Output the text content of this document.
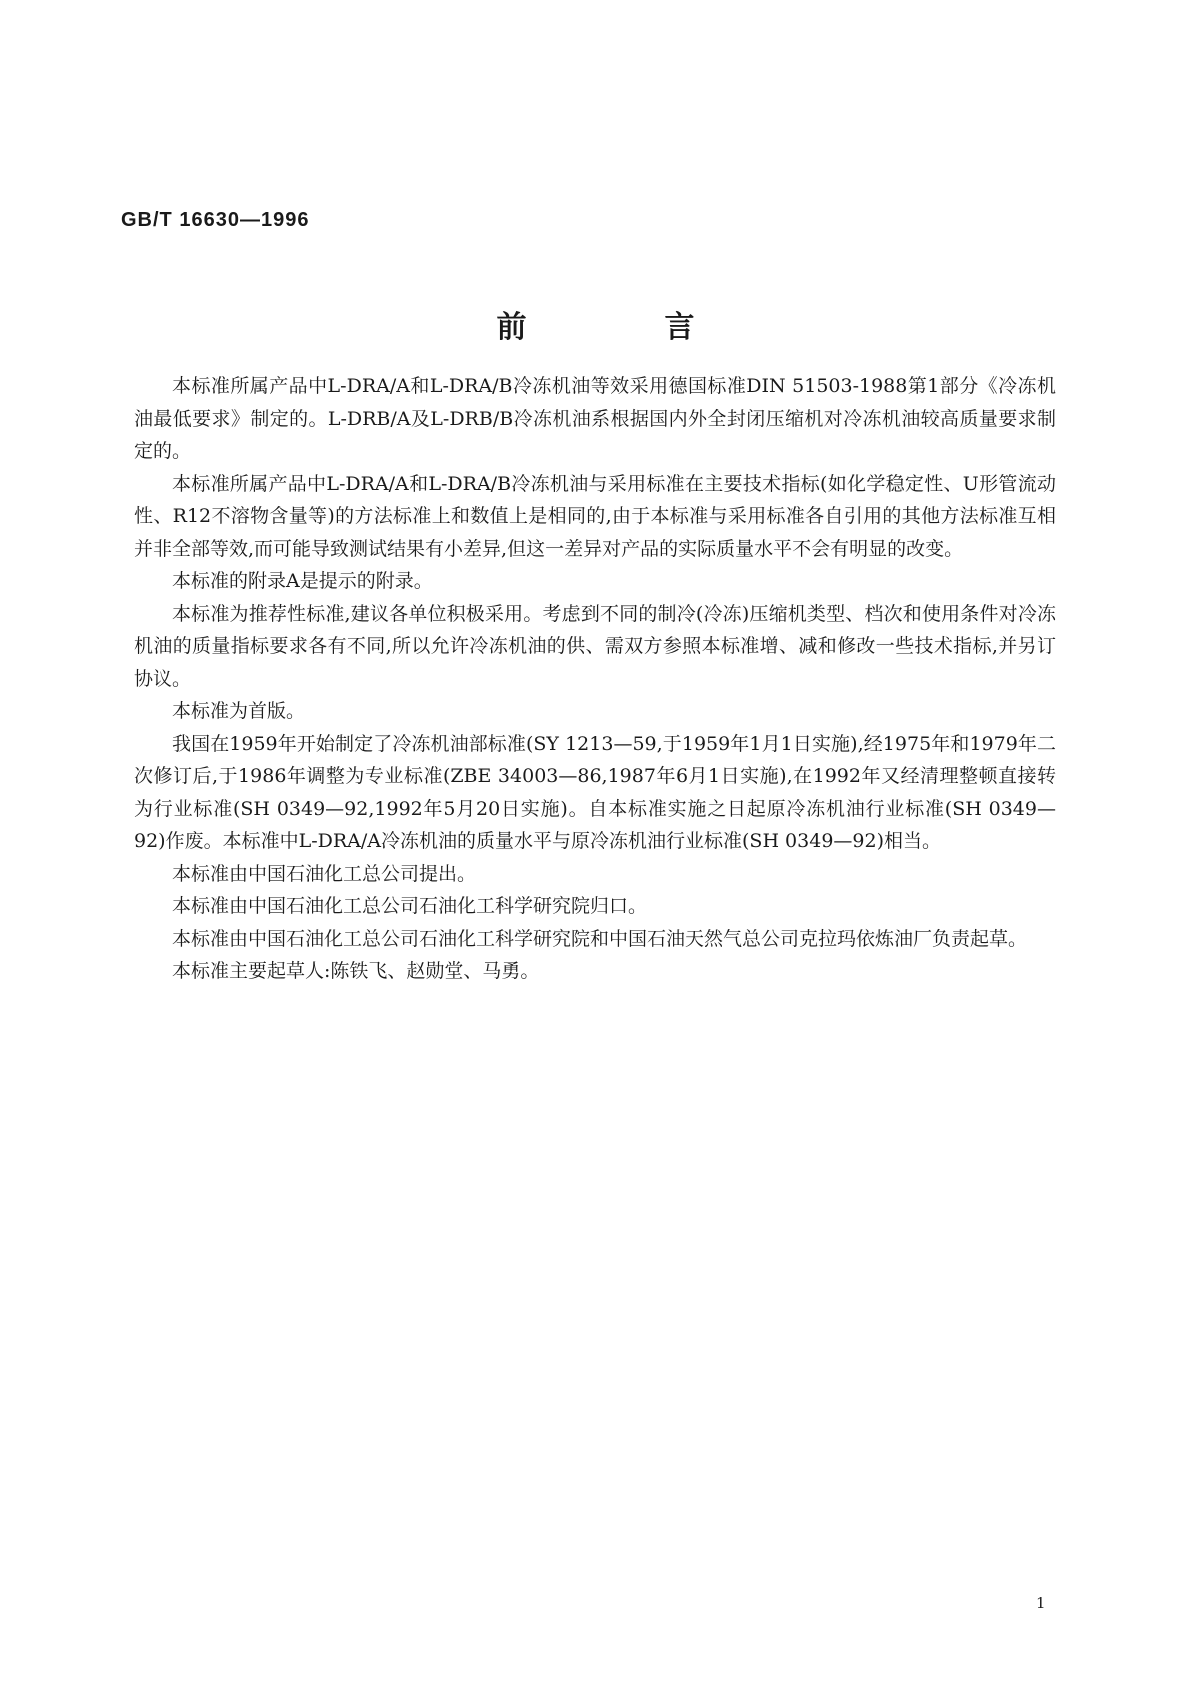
GB/T 16630—1996

前　言

本标准所属产品中L-DRA/A和L-DRA/B冷冻机油等效采用德国标准DIN 51503-1988第1部分《冷冻机油最低要求》制定的。L-DRB/A及L-DRB/B冷冻机油系根据国内外全封闭压缩机对冷冻机油较高质量要求制定的。

本标准所属产品中L-DRA/A和L-DRA/B冷冻机油与采用标准在主要技术指标(如化学稳定性、U形管流动性、R12不溶物含量等)的方法标准上和数值上是相同的,由于本标准与采用标准各自引用的其他方法标准互相并非全部等效,而可能导致测试结果有小差异,但这一差异对产品的实际质量水平不会有明显的改变。

本标准的附录A是提示的附录。

本标准为推荐性标准,建议各单位积极采用。考虑到不同的制冷(冷冻)压缩机类型、档次和使用条件对冷冻机油的质量指标要求各有不同,所以允许冷冻机油的供、需双方参照本标准增、减和修改一些技术指标,并另订协议。

本标准为首版。

我国在1959年开始制定了冷冻机油部标准(SY 1213—59,于1959年1月1日实施),经1975年和1979年二次修订后,于1986年调整为专业标准(ZBE 34003—86,1987年6月1日实施),在1992年又经清理整顿直接转为行业标准(SH 0349—92,1992年5月20日实施)。自本标准实施之日起原冷冻机油行业标准(SH 0349—92)作废。本标准中L-DRA/A冷冻机油的质量水平与原冷冻机油行业标准(SH 0349—92)相当。

本标准由中国石油化工总公司提出。

本标准由中国石油化工总公司石油化工科学研究院归口。

本标准由中国石油化工总公司石油化工科学研究院和中国石油天然气总公司克拉玛依炼油厂负责起草。

本标准主要起草人:陈铁飞、赵勋堂、马勇。

1
